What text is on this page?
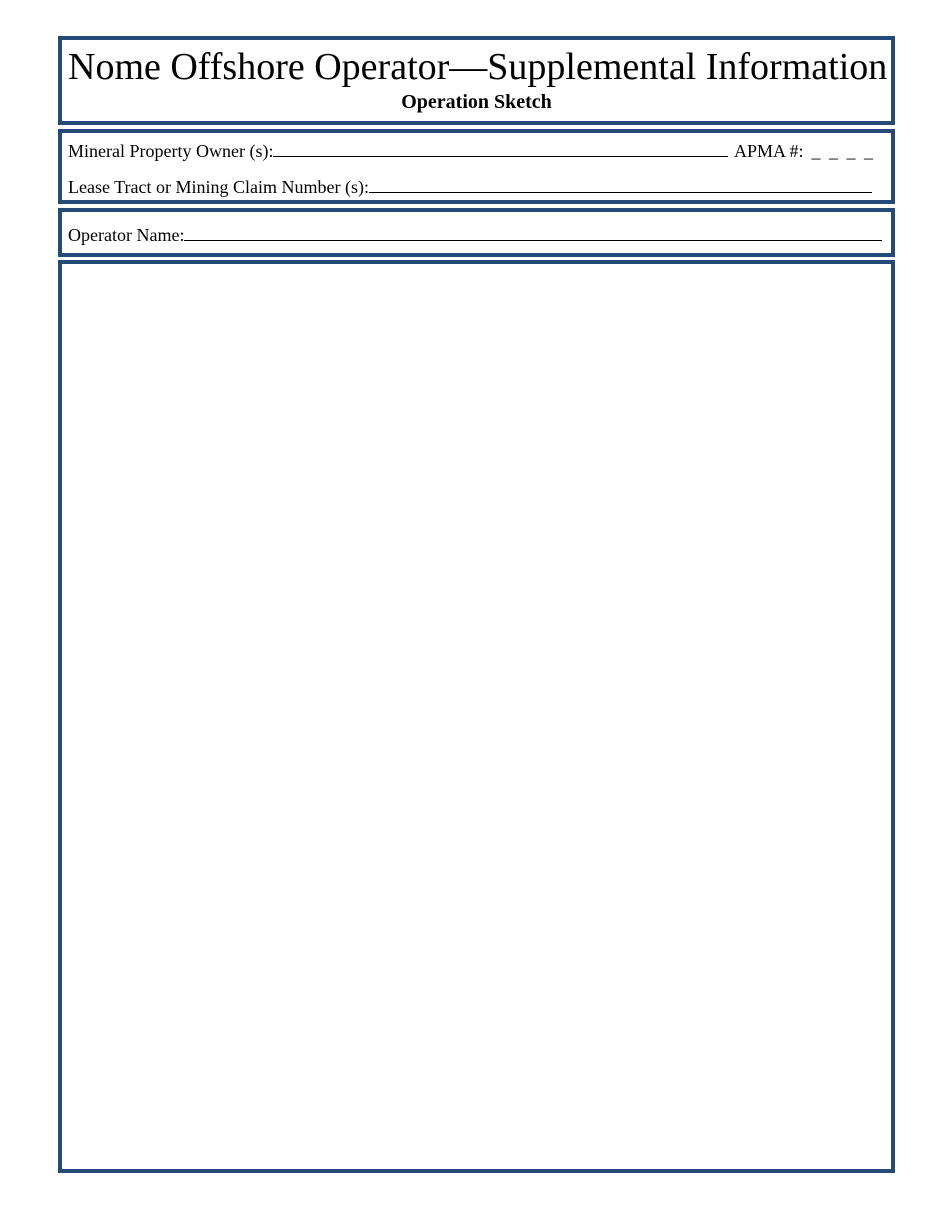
Nome Offshore Operator—Supplemental Information
Operation Sketch
Mineral Property Owner (s):	APMA #: _ _ _ _
Lease Tract or Mining Claim Number (s):
Operator Name:
